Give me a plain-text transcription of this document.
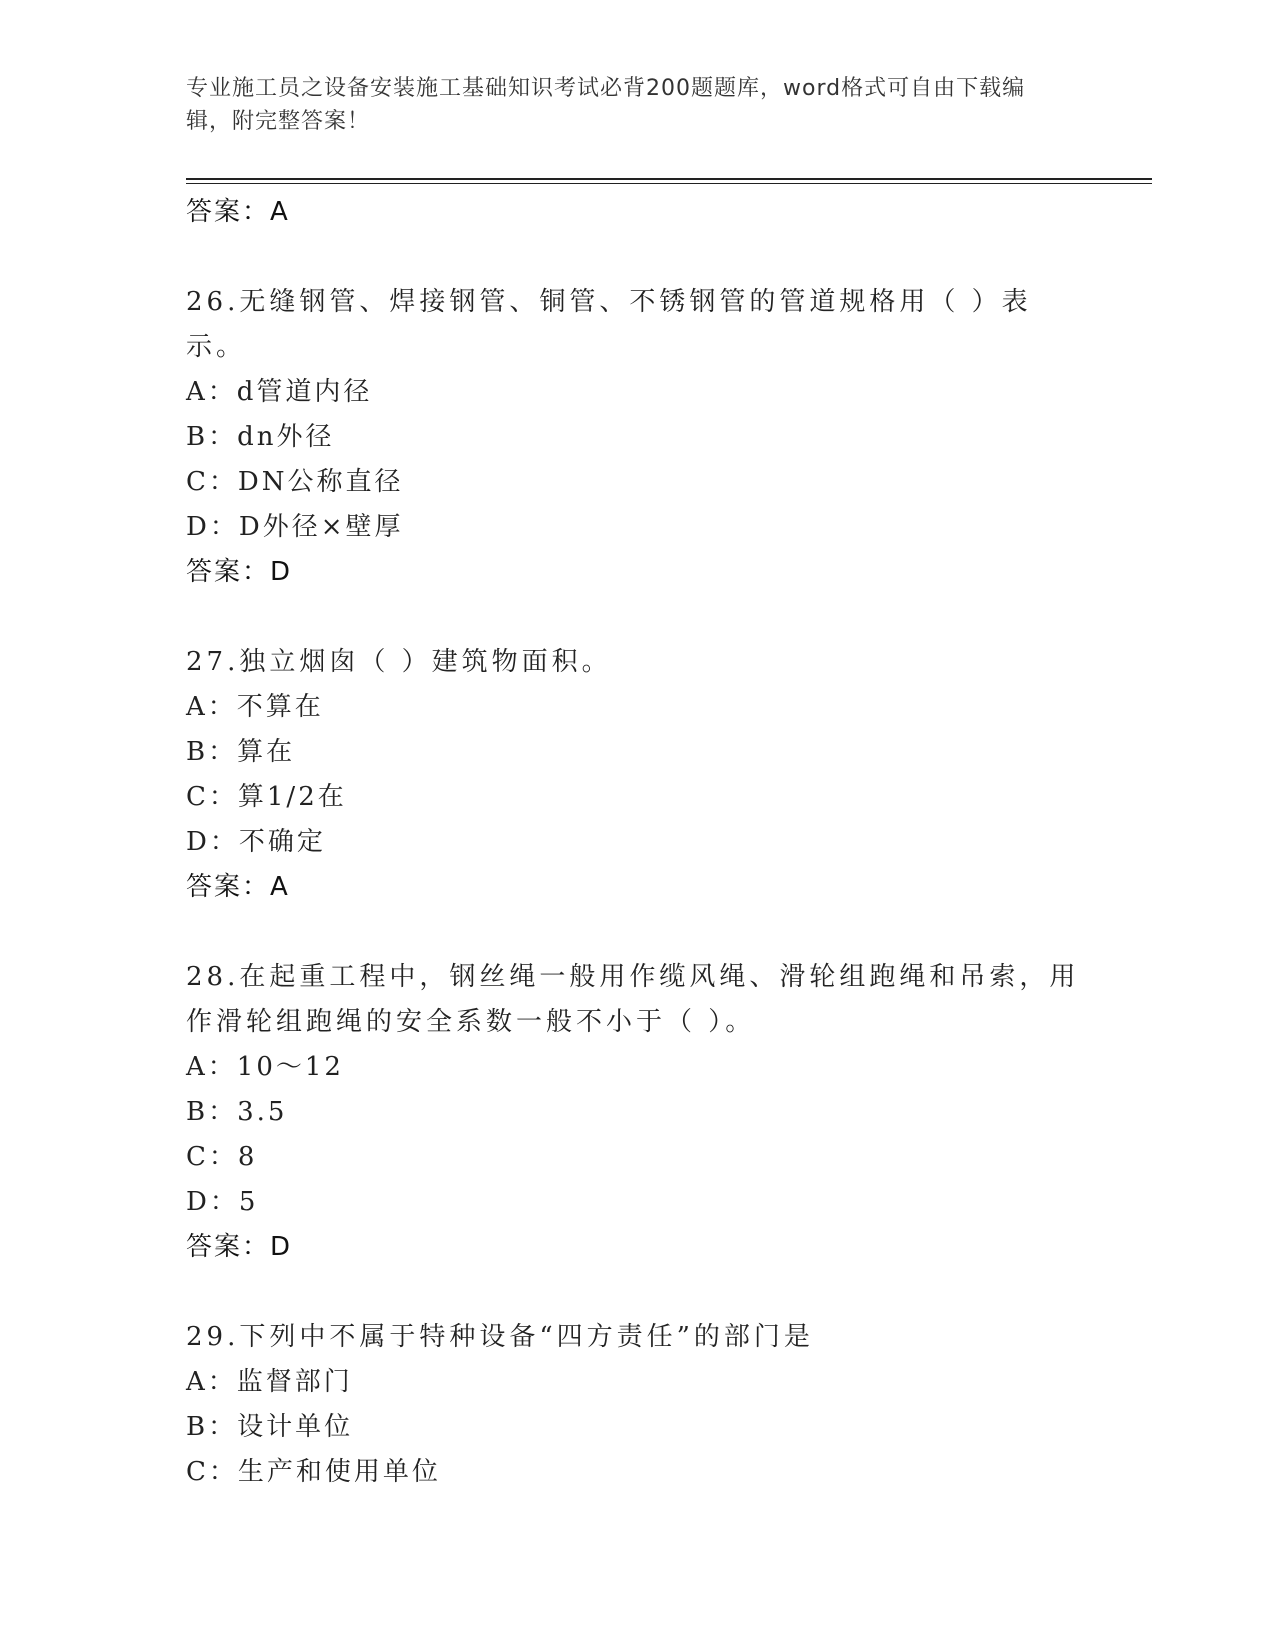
专业施工员之设备安装施工基础知识考试必背200题题库，word格式可自由下载编辑，附完整答案！
答案：A
26.无缝钢管、焊接钢管、铜管、不锈钢管的管道规格用（ ）表示。
A：d管道内径
B：dn外径
C：DN公称直径
D：D外径×壁厚
答案：D
27.独立烟囱（ ）建筑物面积。
A：不算在
B：算在
C：算1/2在
D：不确定
答案：A
28.在起重工程中，钢丝绳一般用作缆风绳、滑轮组跑绳和吊索，用作滑轮组跑绳的安全系数一般不小于（ ）。
A：10～12
B：3.5
C：8
D：5
答案：D
29.下列中不属于特种设备“四方责任”的部门是
A：监督部门
B：设计单位
C：生产和使用单位
